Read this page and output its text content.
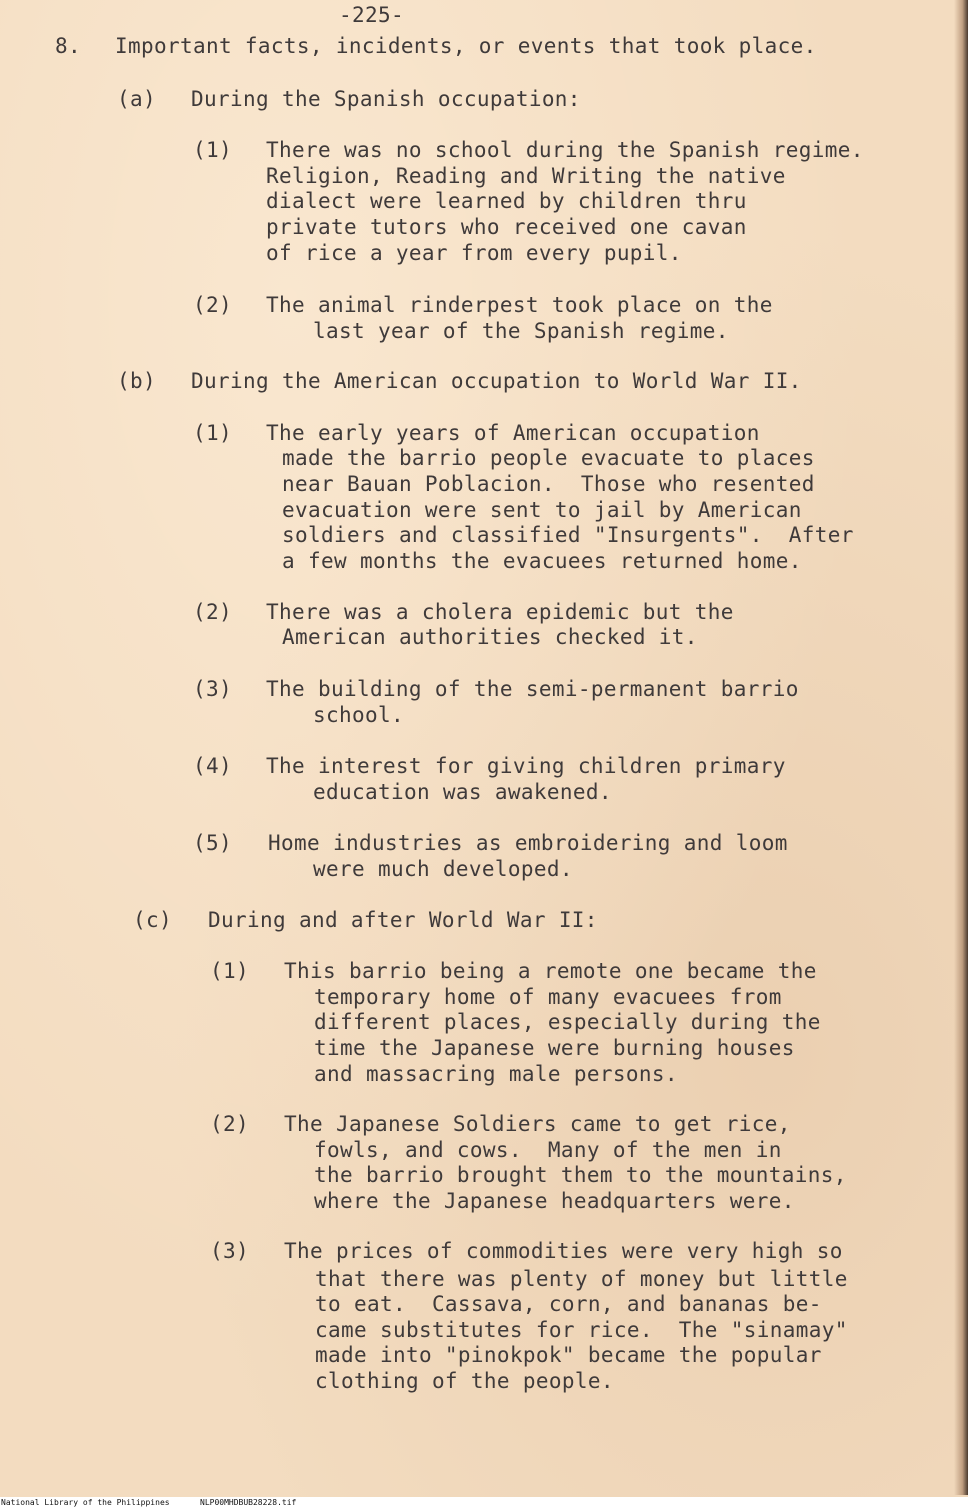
-225-
8. Important facts, incidents, or events that took place.
(a) During the Spanish occupation:
(1) There was no school during the Spanish regime.
Religion, Reading and Writing the native
dialect were learned by children thru
private tutors who received one cavan
of rice a year from every pupil.
(2) The animal rinderpest took place on the
last year of the Spanish regime.
(b) During the American occupation to World War II.
(1) The early years of American occupation
made the barrio people evacuate to places
near Bauan Poblacion.  Those who resented
evacuation were sent to jail by American
soldiers and classified "Insurgents".  After
a few months the evacuees returned home.
(2) There was a cholera epidemic but the
American authorities checked it.
(3) The building of the semi-permanent barrio
school.
(4) The interest for giving children primary
education was awakened.
(5) Home industries as embroidering and loom
were much developed.
(c) During and after World War II:
(1) This barrio being a remote one became the
temporary home of many evacuees from
different places, especially during the
time the Japanese were burning houses
and massacring male persons.
(2) The Japanese Soldiers came to get rice,
fowls, and cows.  Many of the men in
the barrio brought them to the mountains,
where the Japanese headquarters were.
(3) The prices of commodities were very high so
that there was plenty of money but little
to eat.  Cassava, corn, and bananas be-
came substitutes for rice.  The "sinamay"
made into "pinokpok" became the popular
clothing of the people.
National Library of the Philippines	NLP00MHDBUB28228.tif
